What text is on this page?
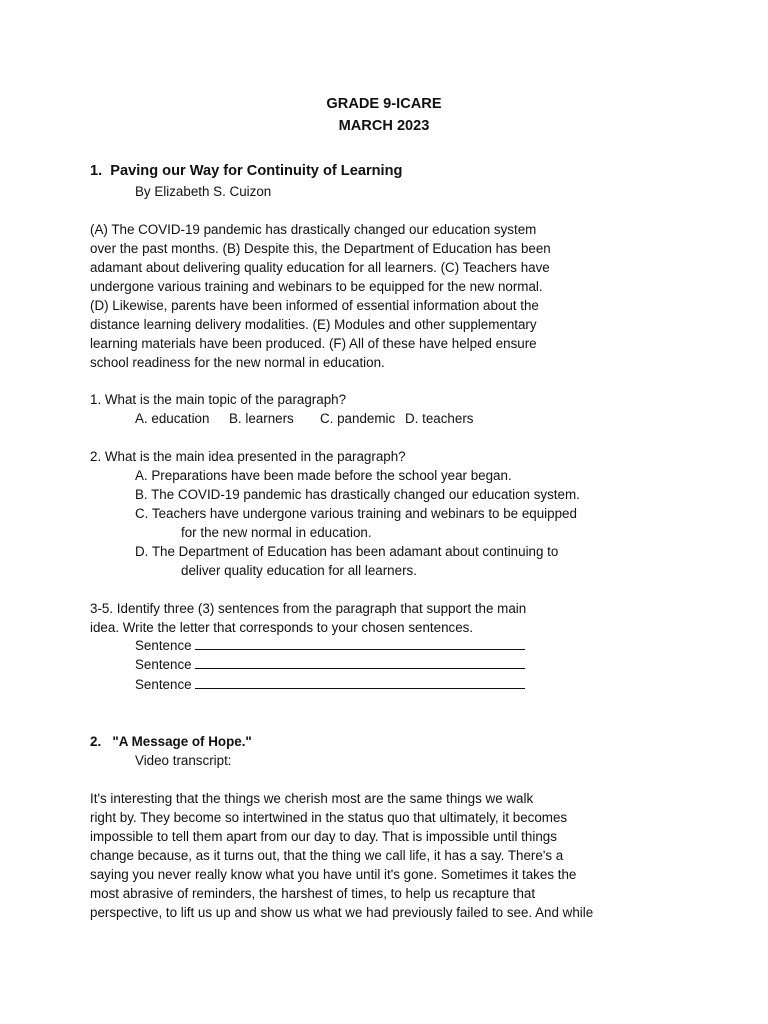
GRADE 9-ICARE
MARCH 2023
1. Paving our Way for Continuity of Learning
By Elizabeth S. Cuizon
(A) The COVID-19 pandemic has drastically changed our education system
over the past months. (B) Despite this, the Department of Education has been
adamant about delivering quality education for all learners. (C) Teachers have
undergone various training and webinars to be equipped for the new normal.
(D) Likewise, parents have been informed of essential information about the
distance learning delivery modalities. (E) Modules and other supplementary
learning materials have been produced. (F) All of these have helped ensure
school readiness for the new normal in education.
1. What is the main topic of the paragraph?
A. education B. learners C. pandemic D. teachers
2. What is the main idea presented in the paragraph?
A. Preparations have been made before the school year began.
B. The COVID-19 pandemic has drastically changed our education system.
C. Teachers have undergone various training and webinars to be equipped
for the new normal in education.
D. The Department of Education has been adamant about continuing to
deliver quality education for all learners.
3-5. Identify three (3) sentences from the paragraph that support the main
idea. Write the letter that corresponds to your chosen sentences.
Sentence
Sentence
Sentence
2. "A Message of Hope."
Video transcript:
It's interesting that the things we cherish most are the same things we walk
right by. They become so intertwined in the status quo that ultimately, it becomes
impossible to tell them apart from our day to day. That is impossible until things
change because, as it turns out, that the thing we call life, it has a say. There's a
saying you never really know what you have until it's gone. Sometimes it takes the
most abrasive of reminders, the harshest of times, to help us recapture that
perspective, to lift us up and show us what we had previously failed to see. And while
